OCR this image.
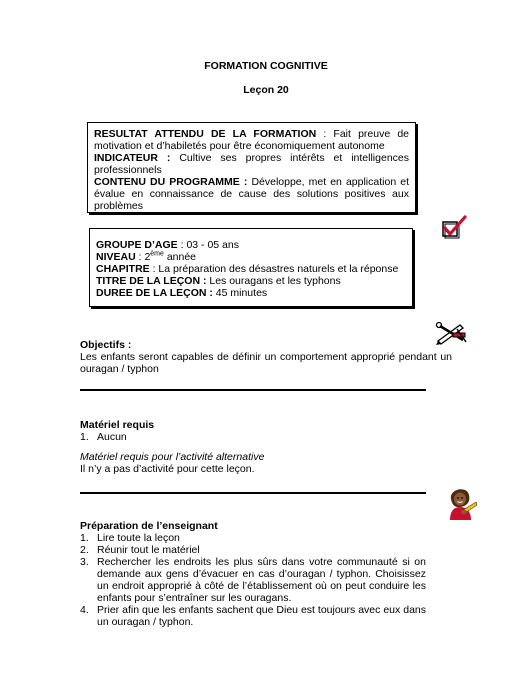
FORMATION COGNITIVE
Leçon 20
RESULTAT ATTENDU DE LA FORMATION : Fait preuve de motivation et d’habiletés pour être économiquement autonome
INDICATEUR : Cultive ses propres intérêts et intelligences professionnels
CONTENU DU PROGRAMME : Développe, met en application et évalue en connaissance de cause des solutions positives aux problèmes
GROUPE D’AGE : 03 - 05 ans
NIVEAU : 2ème année
CHAPITRE : La préparation des désastres naturels et la réponse
TITRE DE LA LEÇON : Les ouragans et les typhons
DUREE DE LA LEÇON : 45 minutes
Objectifs :
Les enfants seront capables de définir un comportement approprié pendant un ouragan / typhon
Matériel requis
1. Aucun
Matériel requis pour l’activité alternative
Il n’y a pas d’activité pour cette leçon.
Préparation de l’enseignant
1. Lire toute la leçon
2. Réunir tout le matériel
3. Rechercher les endroits les plus sûrs dans votre communauté si on demande aux gens d’évacuer en cas d’ouragan / typhon. Choisissez un endroit approprié à côté de l’établissement où on peut conduire les enfants pour s’entraîner sur les ouragans.
4. Prier afin que les enfants sachent que Dieu est toujours avec eux dans un ouragan / typhon.
